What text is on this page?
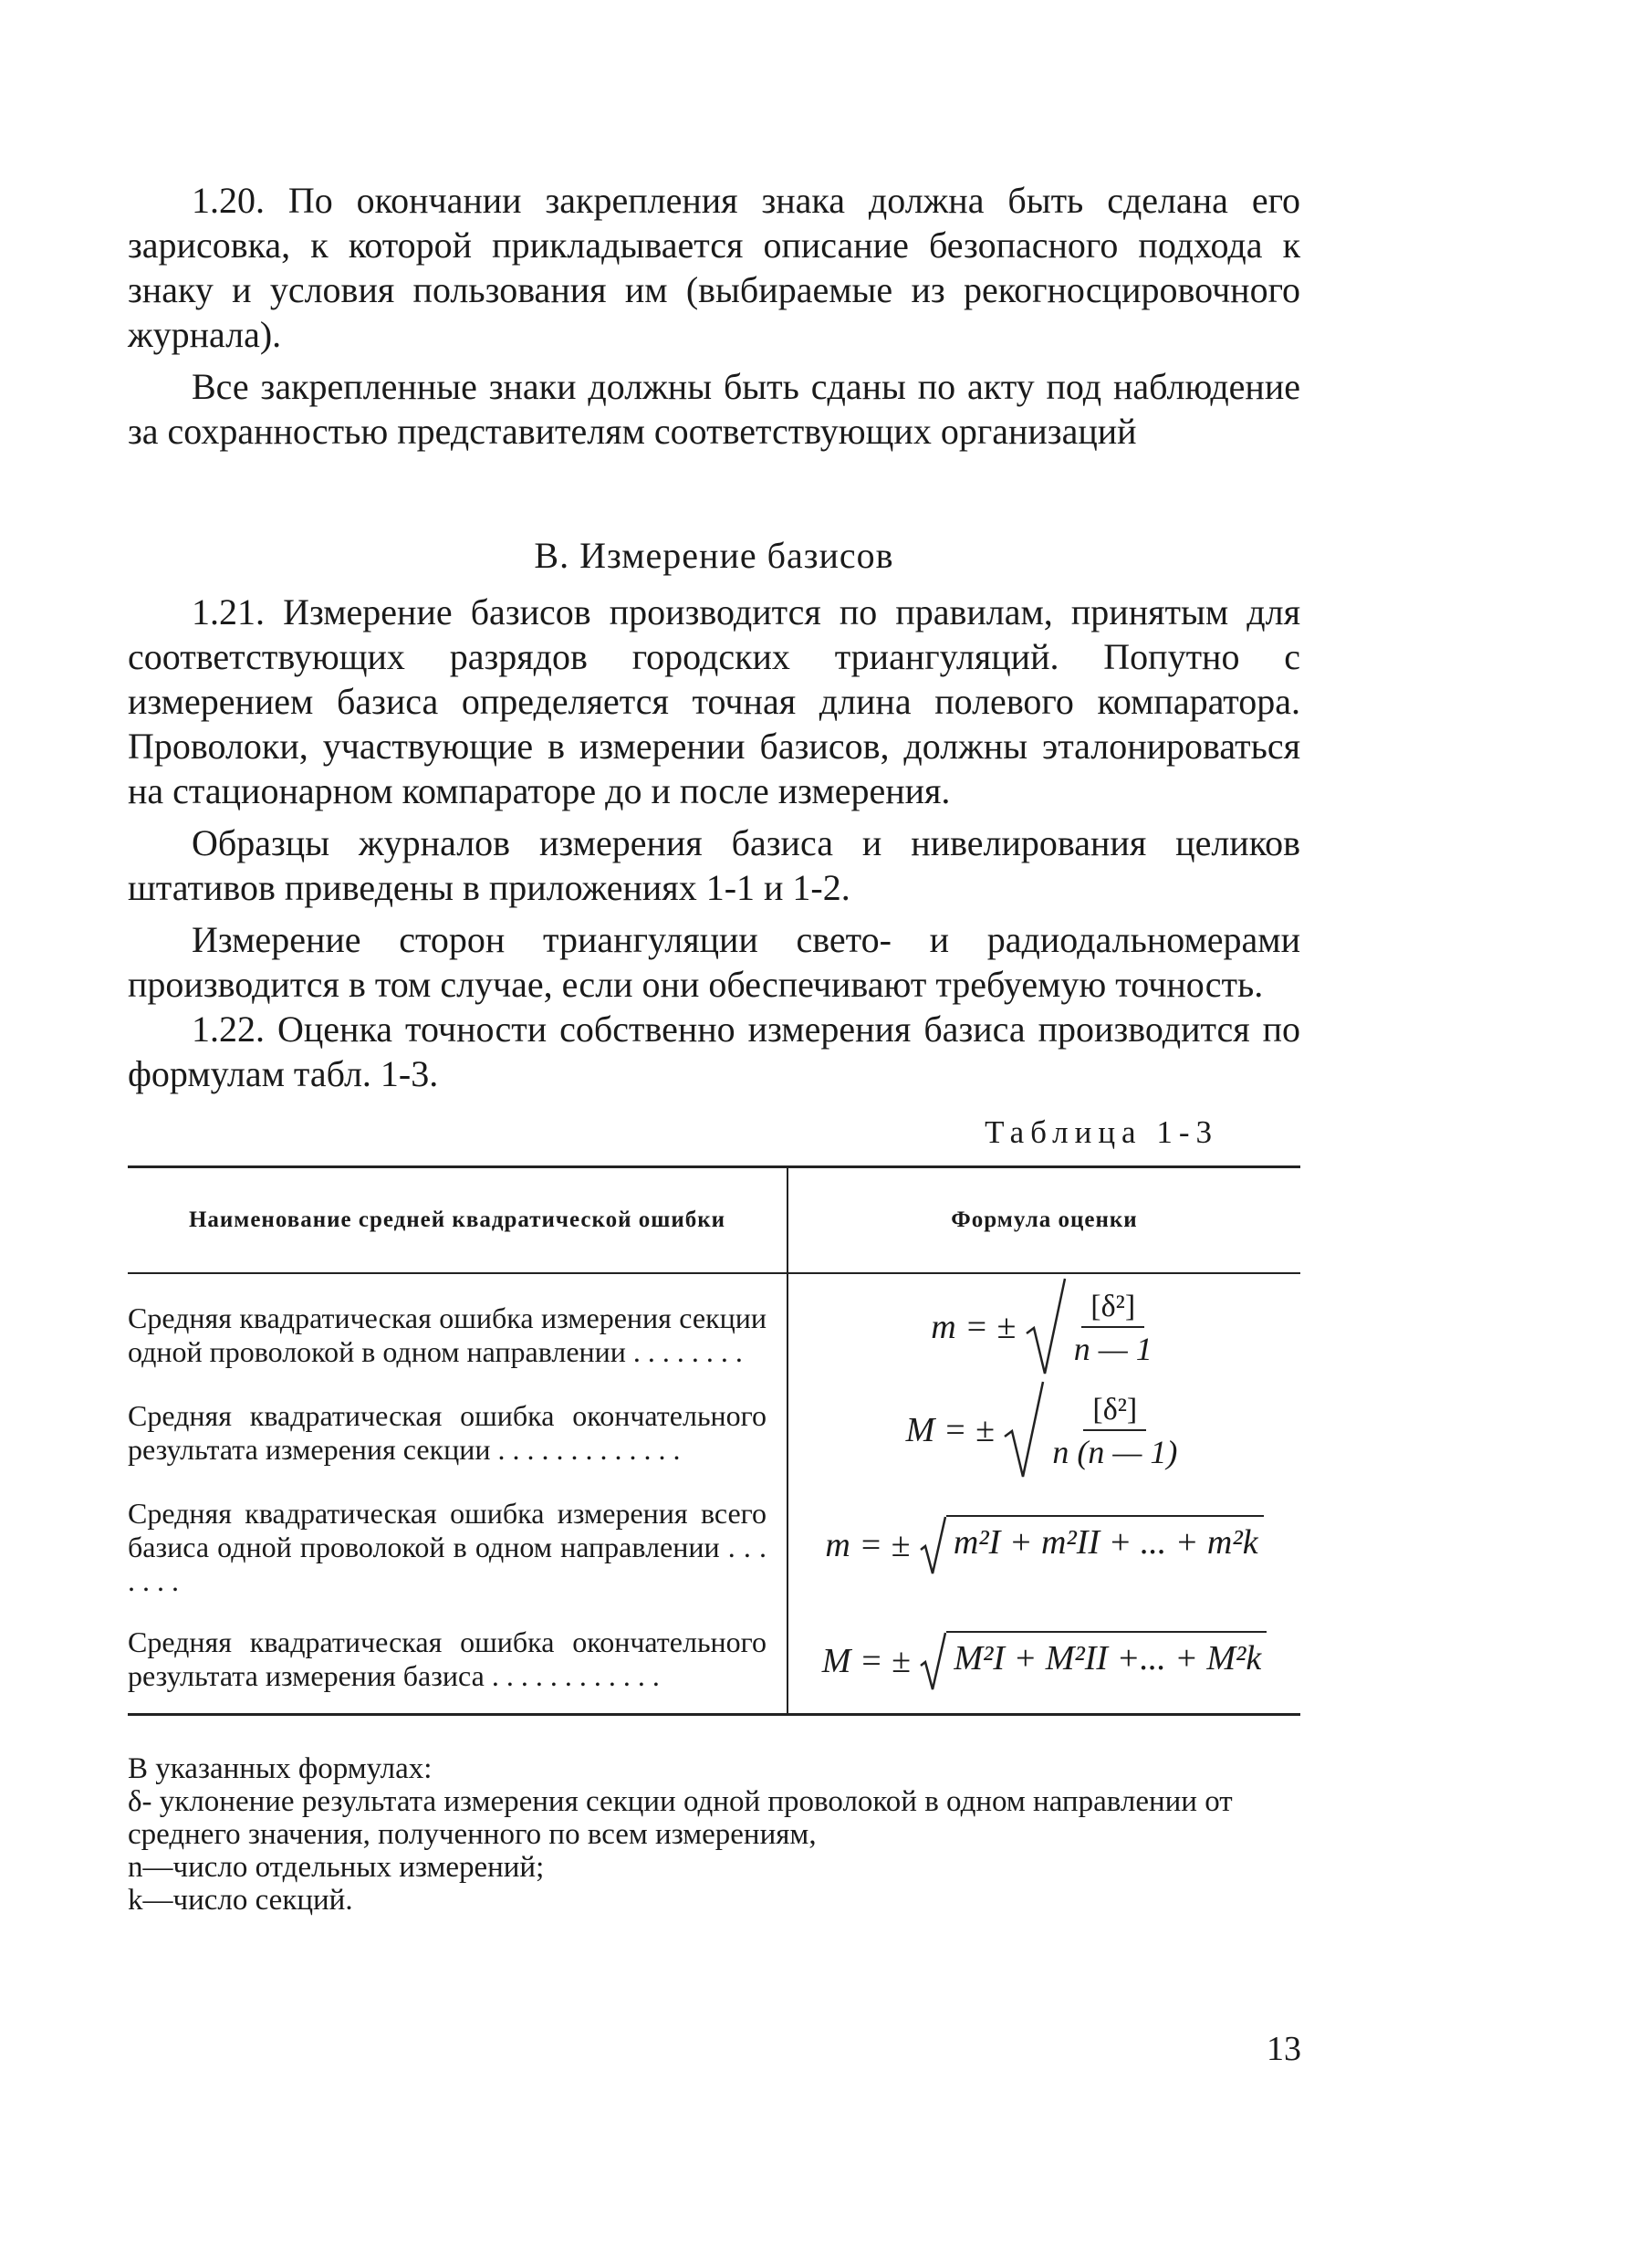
1.20. По окончании закрепления знака должна быть сделана его зарисовка, к которой прикладывается описание безопасного подхода к знаку и условия пользования им (выбираемые из рекогносцировочного журнала).

Все закрепленные знаки должны быть сданы по акту под наблюдение за сохранностью представителям соответствующих организаций

В. Измерение базисов

1.21. Измерение базисов производится по правилам, принятым для соответствующих разрядов городских триангуляций. Попутно с измерением базиса определяется точная длина полевого компаратора. Проволоки, участвующие в измерении базисов, должны эталонироваться на стационарном компараторе до и после измерения.

Образцы журналов измерения базиса и нивелирования целиков штативов приведены в приложениях 1-1 и 1-2.

Измерение сторон триангуляции свето- и радиодальномерами производится в том случае, если они обеспечивают требуемую точность.

1.22. Оценка точности собственно измерения базиса производится по формулам табл. 1-3.

Таблица 1-3
Наименование средней квадратической ошибки	Формула оценки
Средняя квадратическая ошибка измерения секции одной проволокой в одном направлении . . . . . . . .	m = ± $\frac{\text{[δ²]}}{n — 1}$

Средняя квадратическая ошибка окончательного результата измерения секции . . . . . . . . . . . . .	M = ± $\frac{\text{[δ²]}}{n (n — 1)}$

Средняя квадратическая ошибка измерения всего базиса одной проволокой в одном направлении . . . . . . .	m = ± m²I + m²II + ... + m²k

Средняя квадратическая ошибка окончательного результата измерения базиса . . . . . . . . . . . .	M = ± M²I + M²II +... + M²k

В указанных формулах:

δ- уклонение результата измерения секции одной проволокой в одном направлении от среднего значения, полученного по всем измерениям,

n—число отдельных измерений;

k—число секций.

13
